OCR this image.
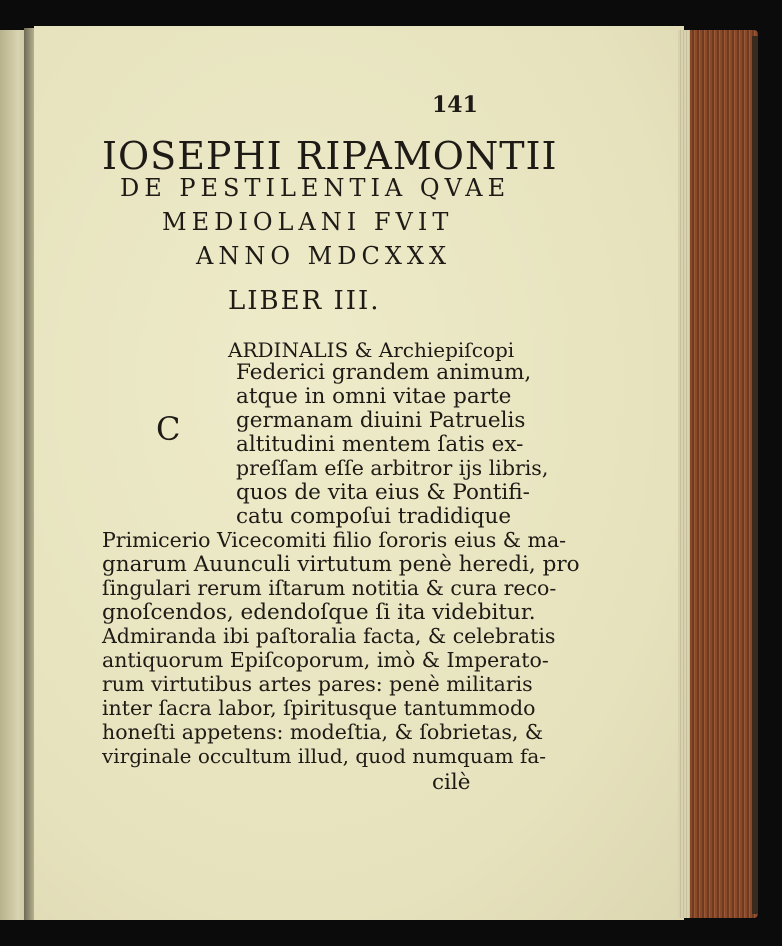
141
IOSEPHI RIPAMONTII
DE PESTILENTIA QVAE
MEDIOLANI FVIT
ANNO MDCXXX
LIBER III.
C
ARDINALIS & Archiepiſcopi
Federici grandem animum,
atque in omni vitae parte
germanam diuini Patruelis
altitudini mentem ſatis ex-
preſſam eſſe arbitror ijs libris,
quos de vita eius & Pontifi-
catu compoſui tradidique
Primicerio Vicecomiti filio ſororis eius & ma-
gnarum Auunculi virtutum penè heredi, pro
ſingulari rerum iſtarum notitia & cura reco-
gnoſcendos, edendoſque ſi ita videbitur.
Admiranda ibi paſtoralia facta, & celebratis
antiquorum Epiſcoporum, imò & Imperato-
rum virtutibus artes pares: penè militaris
inter ſacra labor, ſpiritusque tantummodo
honeſti appetens: modeſtia, & ſobrietas, &
virginale occultum illud, quod numquam fa-
cilè
